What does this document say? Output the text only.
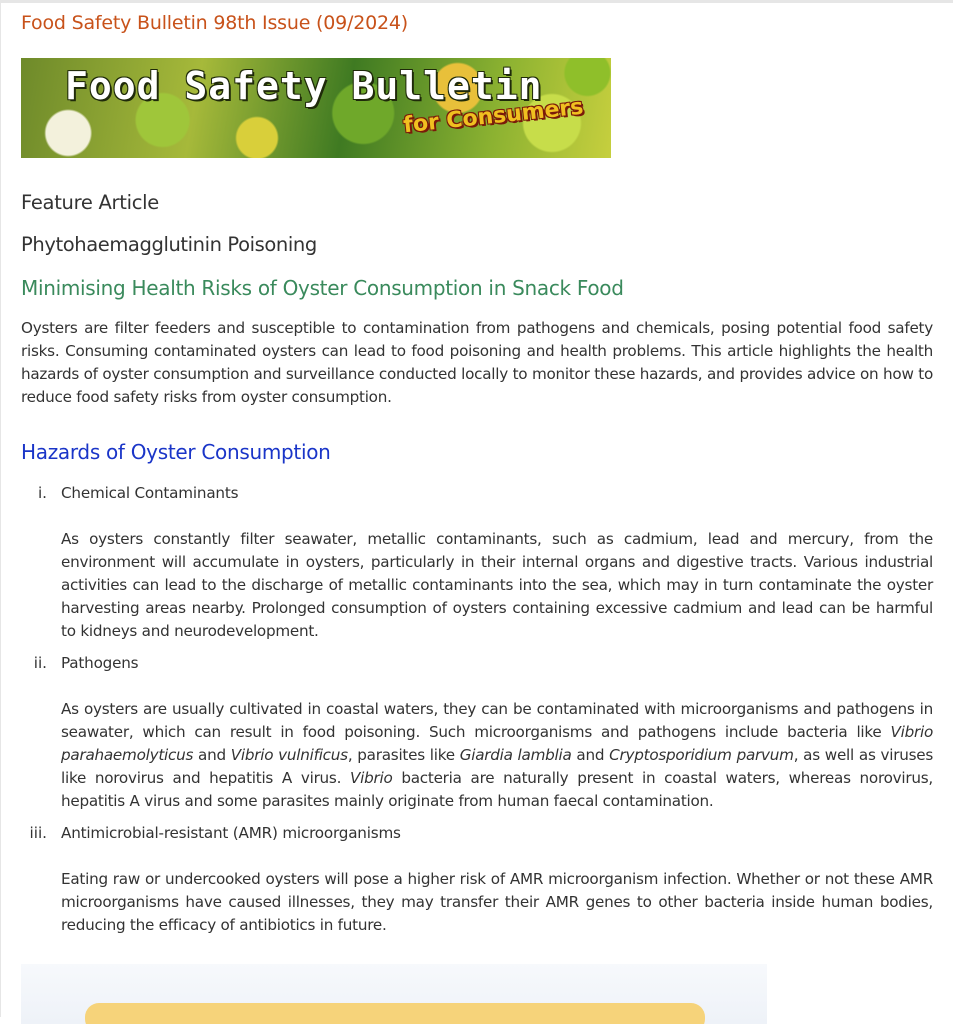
Food Safety Bulletin 98th Issue (09/2024)
Food Safety Bulletin
for Consumers
Feature Article
Phytohaemagglutinin Poisoning
Minimising Health Risks of Oyster Consumption in Snack Food

Oysters are filter feeders and susceptible to contamination from pathogens and chemicals, posing potential food safety risks. Consuming contaminated oysters can lead to food poisoning and health problems. This article highlights the health hazards of oyster consumption and surveillance conducted locally to monitor these hazards, and provides advice on how to reduce food safety risks from oyster consumption.

Hazards of Oyster Consumption
i. Chemical Contaminants

As oysters constantly filter seawater, metallic contaminants, such as cadmium, lead and mercury, from the environment will accumulate in oysters, particularly in their internal organs and digestive tracts. Various industrial activities can lead to the discharge of metallic contaminants into the sea, which may in turn contaminate the oyster harvesting areas nearby. Prolonged consumption of oysters containing excessive cadmium and lead can be harmful to kidneys and neurodevelopment.

ii. Pathogens

As oysters are usually cultivated in coastal waters, they can be contaminated with microorganisms and pathogens in seawater, which can result in food poisoning. Such microorganisms and pathogens include bacteria like Vibrio parahaemolyticus and Vibrio vulnificus, parasites like Giardia lamblia and Cryptosporidium parvum, as well as viruses like norovirus and hepatitis A virus. Vibrio bacteria are naturally present in coastal waters, whereas norovirus, hepatitis A virus and some parasites mainly originate from human faecal contamination.

iii. Antimicrobial-resistant (AMR) microorganisms

Eating raw or undercooked oysters will pose a higher risk of AMR microorganism infection. Whether or not these AMR microorganisms have caused illnesses, they may transfer their AMR genes to other bacteria inside human bodies, reducing the efficacy of antibiotics in future.
